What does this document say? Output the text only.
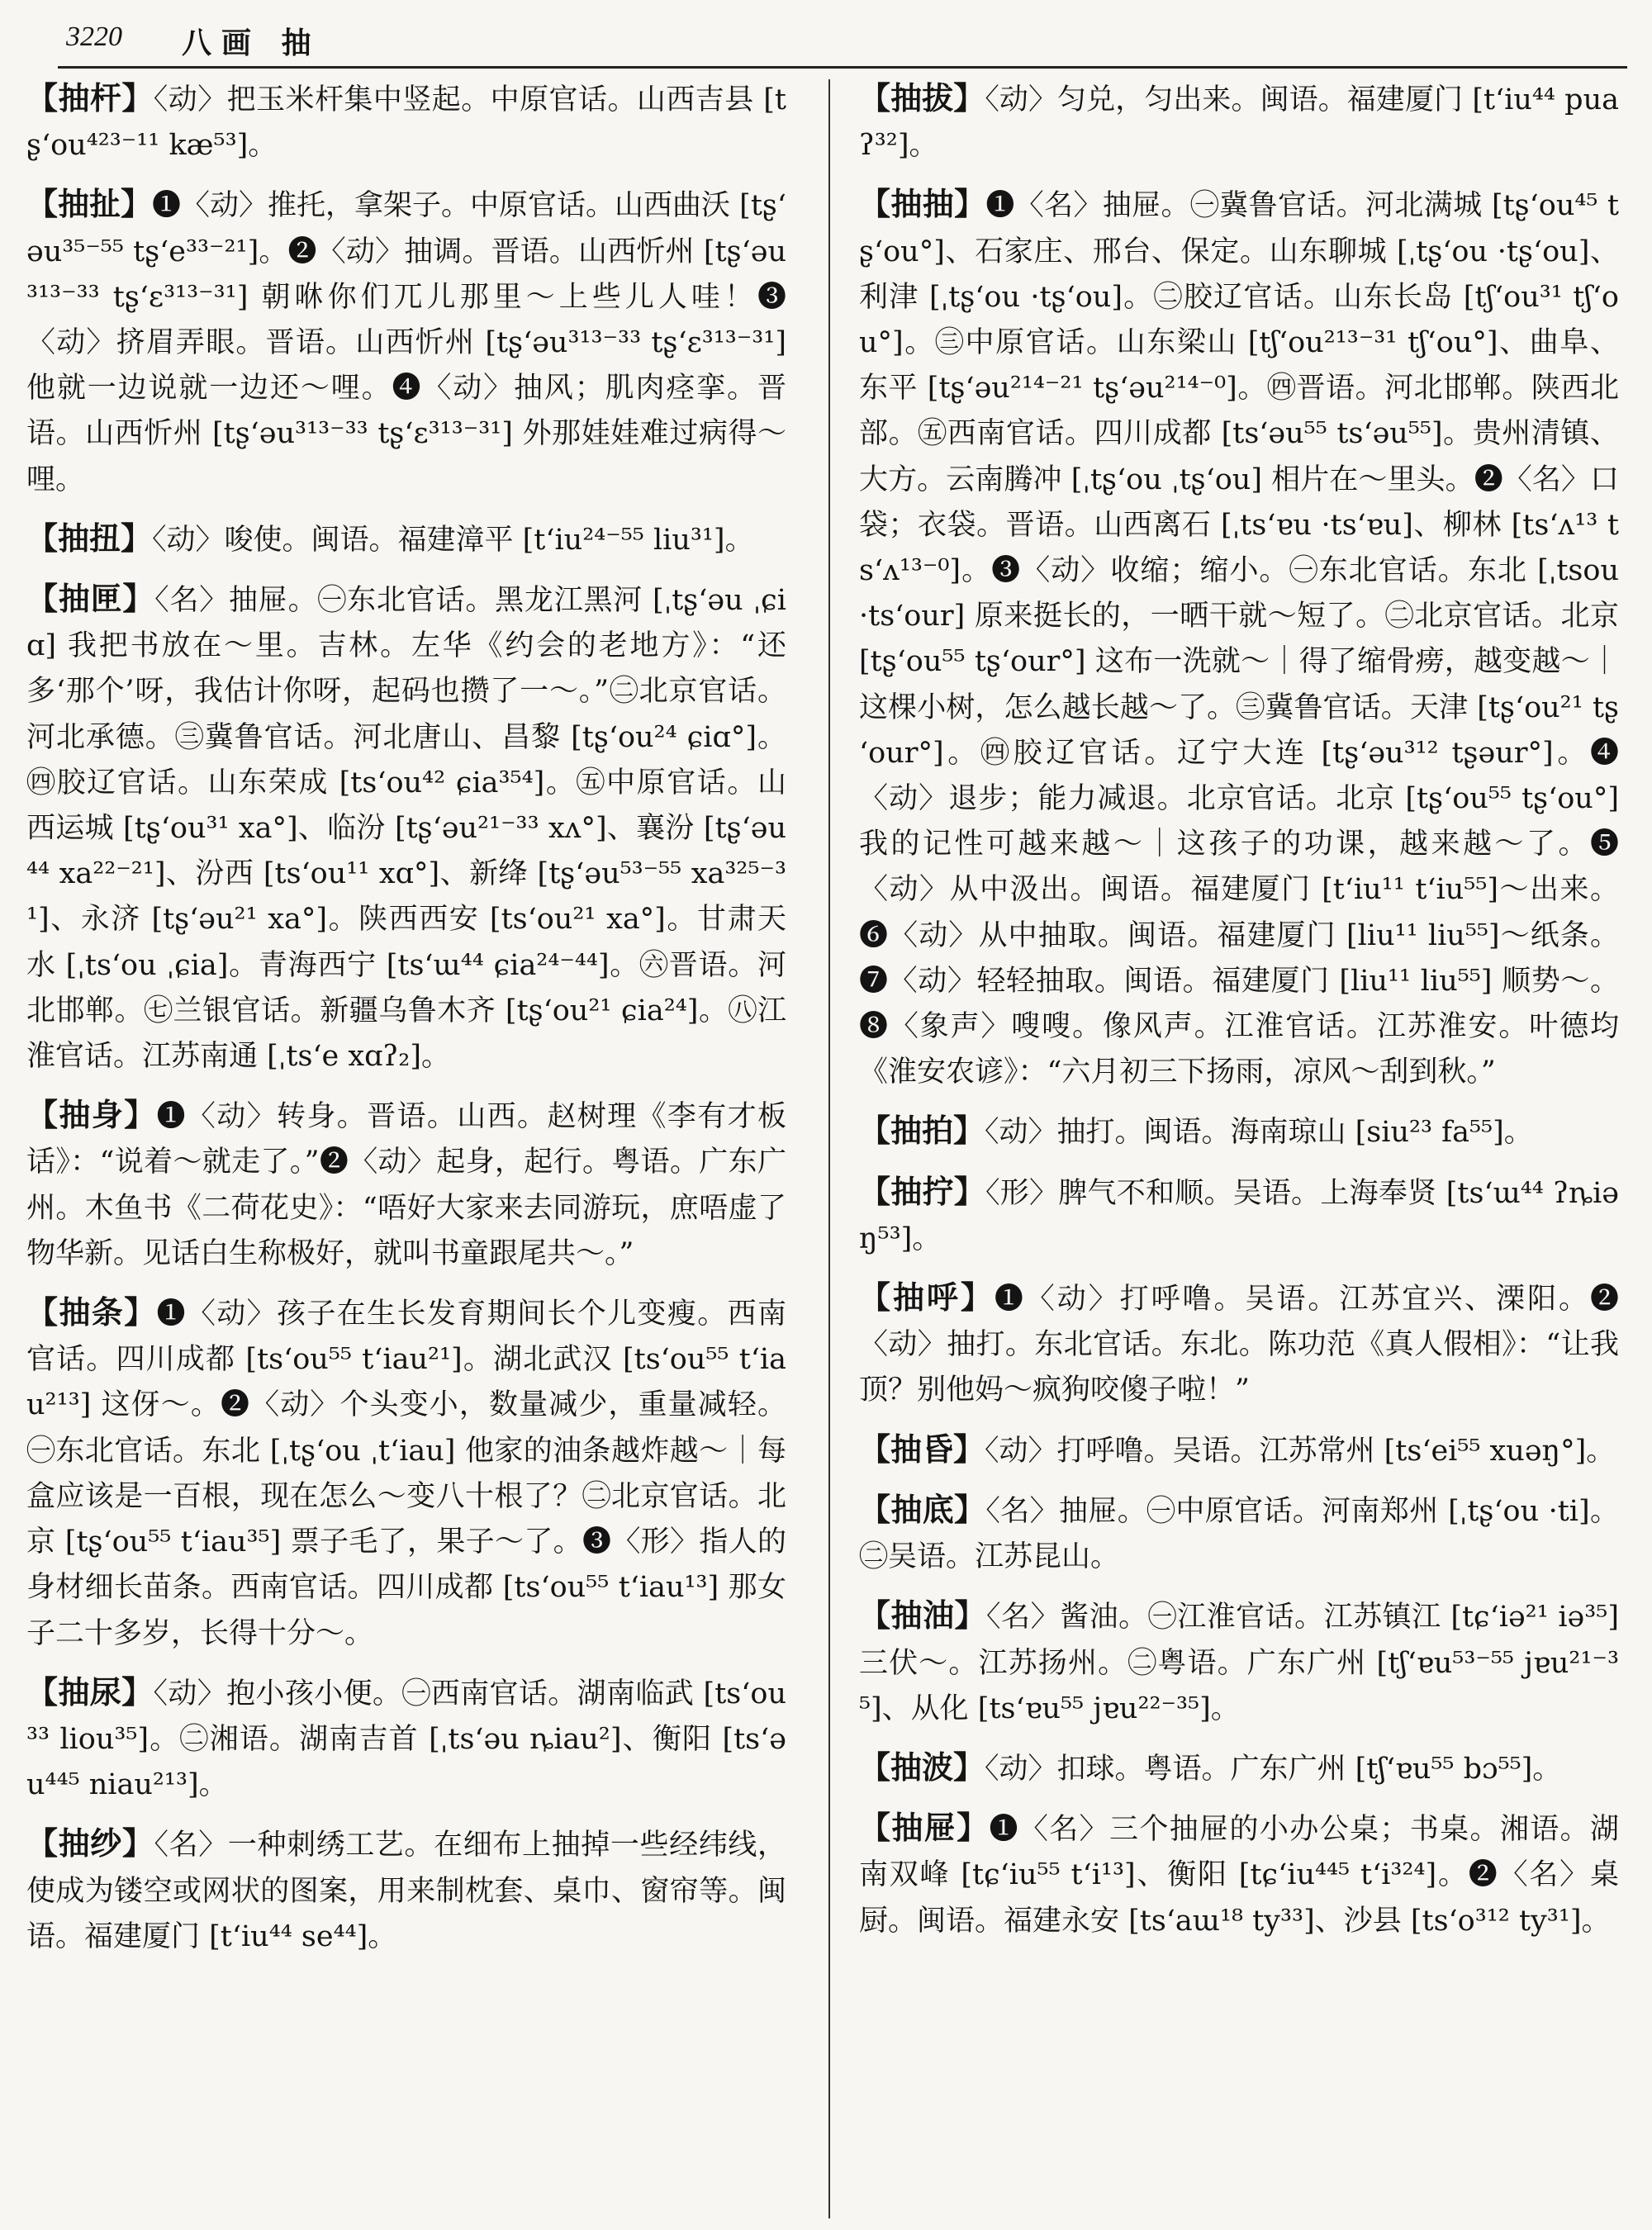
3220 八画 抽

【抽杆】〈动〉把玉米杆集中竖起。中原官话。山西吉县 [tʂʻou⁴²³⁻¹¹ kæ⁵³]。

【抽扯】❶〈动〉推托，拿架子。中原官话。山西曲沃 [tʂʻəu³⁵⁻⁵⁵ tʂʻe³³⁻²¹]。❷〈动〉抽调。晋语。山西忻州 [tʂʻəu³¹³⁻³³ tʂʻɛ³¹³⁻³¹] 朝咻你们兀儿那里～上些儿人哇！❸〈动〉挤眉弄眼。晋语。山西忻州 [tʂʻəu³¹³⁻³³ tʂʻɛ³¹³⁻³¹] 他就一边说就一边还～哩。❹〈动〉抽风；肌肉痉挛。晋语。山西忻州 [tʂʻəu³¹³⁻³³ tʂʻɛ³¹³⁻³¹] 外那娃娃难过病得～哩。

【抽扭】〈动〉唆使。闽语。福建漳平 [tʻiu²⁴⁻⁵⁵ liu³¹]。

【抽匣】〈名〉抽屉。㊀东北官话。黑龙江黑河 [ˌtʂʻəu ˌɕiɑ] 我把书放在～里。吉林。左华《约会的老地方》：“还多‘那个’呀，我估计你呀，起码也攒了一～。”㊁北京官话。河北承德。㊂冀鲁官话。河北唐山、昌黎 [tʂʻou²⁴ ɕiɑ°]。㊃胶辽官话。山东荣成 [tsʻou⁴² ɕia³⁵⁴]。㊄中原官话。山西运城 [tʂʻou³¹ xa°]、临汾 [tʂʻəu²¹⁻³³ xʌ°]、襄汾 [tʂʻəu⁴⁴ xa²²⁻²¹]、汾西 [tsʻou¹¹ xɑ°]、新绛 [tʂʻəu⁵³⁻⁵⁵ xa³²⁵⁻³¹]、永济 [tʂʻəu²¹ xa°]。陕西西安 [tsʻou²¹ xa°]。甘肃天水 [ˌtsʻou ˌɕia]。青海西宁 [tsʻɯ⁴⁴ ɕia²⁴⁻⁴⁴]。㊅晋语。河北邯郸。㊆兰银官话。新疆乌鲁木齐 [tʂʻou²¹ ɕia²⁴]。㊇江淮官话。江苏南通 [ˌtsʻe xɑʔ₂]。

【抽身】❶〈动〉转身。晋语。山西。赵树理《李有才板话》：“说着～就走了。”❷〈动〉起身，起行。粤语。广东广州。木鱼书《二荷花史》：“唔好大家来去同游玩，庶唔虚了物华新。见话白生称极好，就叫书童跟尾共～。”

【抽条】❶〈动〉孩子在生长发育期间长个儿变瘦。西南官话。四川成都 [tsʻou⁵⁵ tʻiau²¹]。湖北武汉 [tsʻou⁵⁵ tʻiau²¹³] 这伢～。❷〈动〉个头变小，数量减少，重量减轻。㊀东北官话。东北 [ˌtʂʻou ˌtʻiau] 他家的油条越炸越～｜每盒应该是一百根，现在怎么～变八十根了？㊁北京官话。北京 [tʂʻou⁵⁵ tʻiau³⁵] 票子毛了，果子～了。❸〈形〉指人的身材细长苗条。西南官话。四川成都 [tsʻou⁵⁵ tʻiau¹³] 那女子二十多岁，长得十分～。

【抽尿】〈动〉抱小孩小便。㊀西南官话。湖南临武 [tsʻou³³ liou³⁵]。㊁湘语。湖南吉首 [ˌtsʻəu ȵiau²]、衡阳 [tsʻəu⁴⁴⁵ niau²¹³]。

【抽纱】〈名〉一种刺绣工艺。在细布上抽掉一些经纬线，使成为镂空或网状的图案，用来制枕套、桌巾、窗帘等。闽语。福建厦门 [tʻiu⁴⁴ se⁴⁴]。

【抽拔】〈动〉匀兑，匀出来。闽语。福建厦门 [tʻiu⁴⁴ puaʔ³²]。

【抽抽】❶〈名〉抽屉。㊀冀鲁官话。河北满城 [tʂʻou⁴⁵ tʂʻou°]、石家庄、邢台、保定。山东聊城 [ˌtʂʻou ·tʂʻou]、利津 [ˌtʂʻou ·tʂʻou]。㊁胶辽官话。山东长岛 [tʃʻou³¹ tʃʻou°]。㊂中原官话。山东梁山 [tʃʻou²¹³⁻³¹ tʃʻou°]、曲阜、东平 [tʂʻəu²¹⁴⁻²¹ tʂʻəu²¹⁴⁻⁰]。㊃晋语。河北邯郸。陕西北部。㊄西南官话。四川成都 [tsʻəu⁵⁵ tsʻəu⁵⁵]。贵州清镇、大方。云南腾冲 [ˌtʂʻou ˌtʂʻou] 相片在～里头。❷〈名〉口袋；衣袋。晋语。山西离石 [ˌtsʻɐu ·tsʻɐu]、柳林 [tsʻʌ¹³ tsʻʌ¹³⁻⁰]。❸〈动〉收缩；缩小。㊀东北官话。东北 [ˌtsou ·tsʻour] 原来挺长的，一晒干就～短了。㊁北京官话。北京 [tʂʻou⁵⁵ tʂʻour°] 这布一洗就～｜得了缩骨痨，越变越～｜这棵小树，怎么越长越～了。㊂冀鲁官话。天津 [tʂʻou²¹ tʂʻour°]。㊃胶辽官话。辽宁大连 [tʂʻəu³¹² tʂəur°]。❹〈动〉退步；能力减退。北京官话。北京 [tʂʻou⁵⁵ tʂʻou°] 我的记性可越来越～｜这孩子的功课，越来越～了。❺〈动〉从中汲出。闽语。福建厦门 [tʻiu¹¹ tʻiu⁵⁵]～出来。❻〈动〉从中抽取。闽语。福建厦门 [liu¹¹ liu⁵⁵]～纸条。❼〈动〉轻轻抽取。闽语。福建厦门 [liu¹¹ liu⁵⁵] 顺势～。❽〈象声〉嗖嗖。像风声。江淮官话。江苏淮安。叶德均《淮安农谚》：“六月初三下扬雨，凉风～刮到秋。”

【抽拍】〈动〉抽打。闽语。海南琼山 [siu²³ fa⁵⁵]。

【抽拧】〈形〉脾气不和顺。吴语。上海奉贤 [tsʻɯ⁴⁴ ʔȵiəŋ⁵³]。

【抽呼】❶〈动〉打呼噜。吴语。江苏宜兴、溧阳。❷〈动〉抽打。东北官话。东北。陈功范《真人假相》：“让我顶？别他妈～疯狗咬傻子啦！”

【抽昏】〈动〉打呼噜。吴语。江苏常州 [tsʻei⁵⁵ xuəŋ°]。

【抽底】〈名〉抽屉。㊀中原官话。河南郑州 [ˌtʂʻou ·ti]。㊁吴语。江苏昆山。

【抽油】〈名〉酱油。㊀江淮官话。江苏镇江 [tɕʻiə²¹ iə³⁵] 三伏～。江苏扬州。㊁粤语。广东广州 [tʃʻɐu⁵³⁻⁵⁵ jɐu²¹⁻³⁵]、从化 [tsʻɐu⁵⁵ jɐu²²⁻³⁵]。

【抽波】〈动〉扣球。粤语。广东广州 [tʃʻɐu⁵⁵ bɔ⁵⁵]。

【抽屉】❶〈名〉三个抽屉的小办公桌；书桌。湘语。湖南双峰 [tɕʻiu⁵⁵ tʻi¹³]、衡阳 [tɕʻiu⁴⁴⁵ tʻi³²⁴]。❷〈名〉桌厨。闽语。福建永安 [tsʻaɯ¹⁸ ty³³]、沙县 [tsʻo³¹² ty³¹]。
